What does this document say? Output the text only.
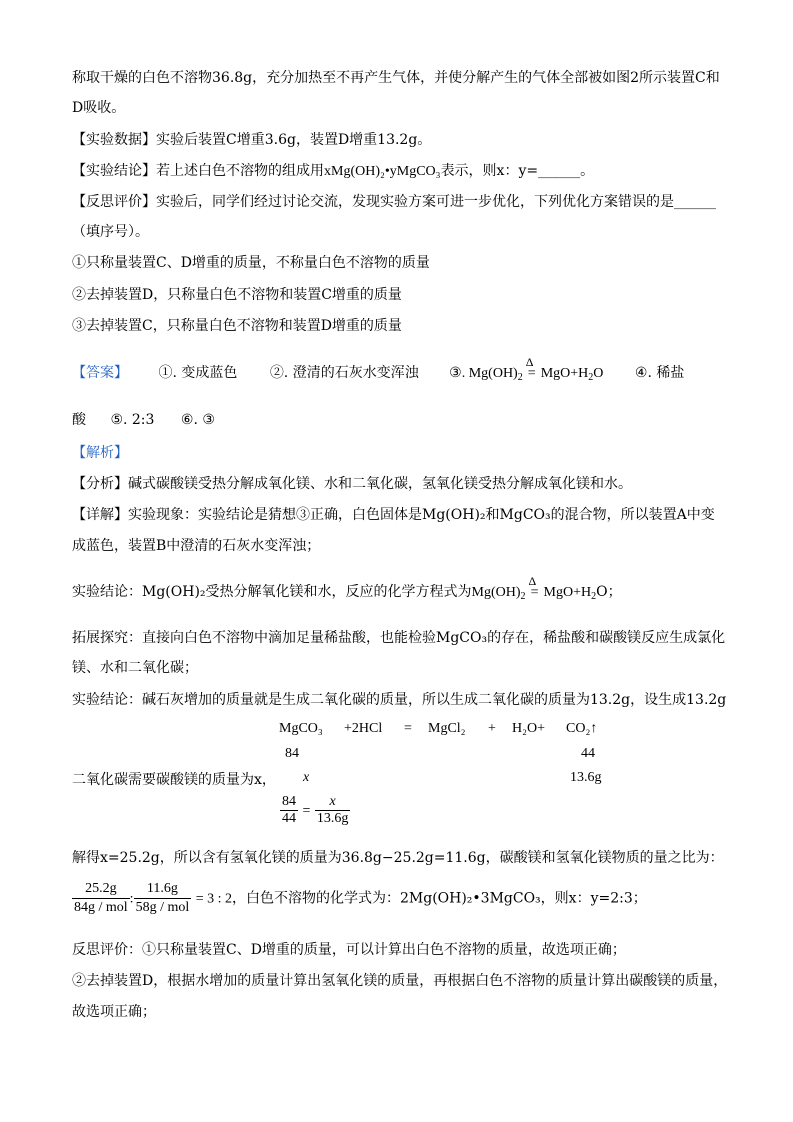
称取干燥的白色不溶物36.8g，充分加热至不再产生气体，并使分解产生的气体全部被如图2所示装置C和
D吸收。
【实验数据】实验后装置C增重3.6g，装置D增重13.2g。
【实验结论】若上述白色不溶物的组成用xMg(OH)₂•yMgCO₃表示，则x：y=______。
【反思评价】实验后，同学们经过讨论交流，发现实验方案可进一步优化，下列优化方案错误的是______
（填序号）。
①只称量装置C、D增重的质量，不称量白色不溶物的质量
②去掉装置D，只称量白色不溶物和装置C增重的质量
③去掉装置C，只称量白色不溶物和装置D增重的质量
【答案】 ①. 变成蓝色 ②. 澄清的石灰水变浑浊 ③. $Mg(OH)_2$
Δ
= $MgO+H_2O$ ④. 稀盐
酸 ⑤. 2:3 ⑥. ③
【解析】
【分析】碱式碳酸镁受热分解成氧化镁、水和二氧化碳，氢氧化镁受热分解成氧化镁和水。
【详解】实验现象：实验结论是猜想③正确，白色固体是Mg(OH)₂和MgCO₃的混合物，所以装置A中变
成蓝色，装置B中澄清的石灰水变浑浊；
实验结论：Mg(OH)₂受热分解氧化镁和水，反应的化学方程式为$Mg(OH)_2$
Δ
= $MgO+H_2O$；
拓展探究：直接向白色不溶物中滴加足量稀盐酸，也能检验MgCO₃的存在，稀盐酸和碳酸镁反应生成氯化
镁、水和二氧化碳；
实验结论：碱石灰增加的质量就是生成二氧化碳的质量，所以生成二氧化碳的质量为13.2g，设生成13.2g
MgCO₃ +2HCl = MgCl₂ + H₂O+ CO₂↑
84	44
x	13.6g
二氧化碳需要碳酸镁的质量为x，
$\frac{84}{44} = \frac{x}{13.6g}$
解得x=25.2g，所以含有氢氧化镁的质量为36.8g−25.2g=11.6g，碳酸镁和氢氧化镁物质的量之比为：
$\frac{25.2g}{\text{84g / mol}}$ : $\frac{11.6g}{\text{58g / mol}} = 3$ : 2，白色不溶物的化学式为：2Mg(OH)₂•3MgCO₃，则x：y=2:3；
反思评价：①只称量装置C、D增重的质量，可以计算出白色不溶物的质量，故选项正确；
②去掉装置D，根据水增加的质量计算出氢氧化镁的质量，再根据白色不溶物的质量计算出碳酸镁的质量，
故选项正确；
